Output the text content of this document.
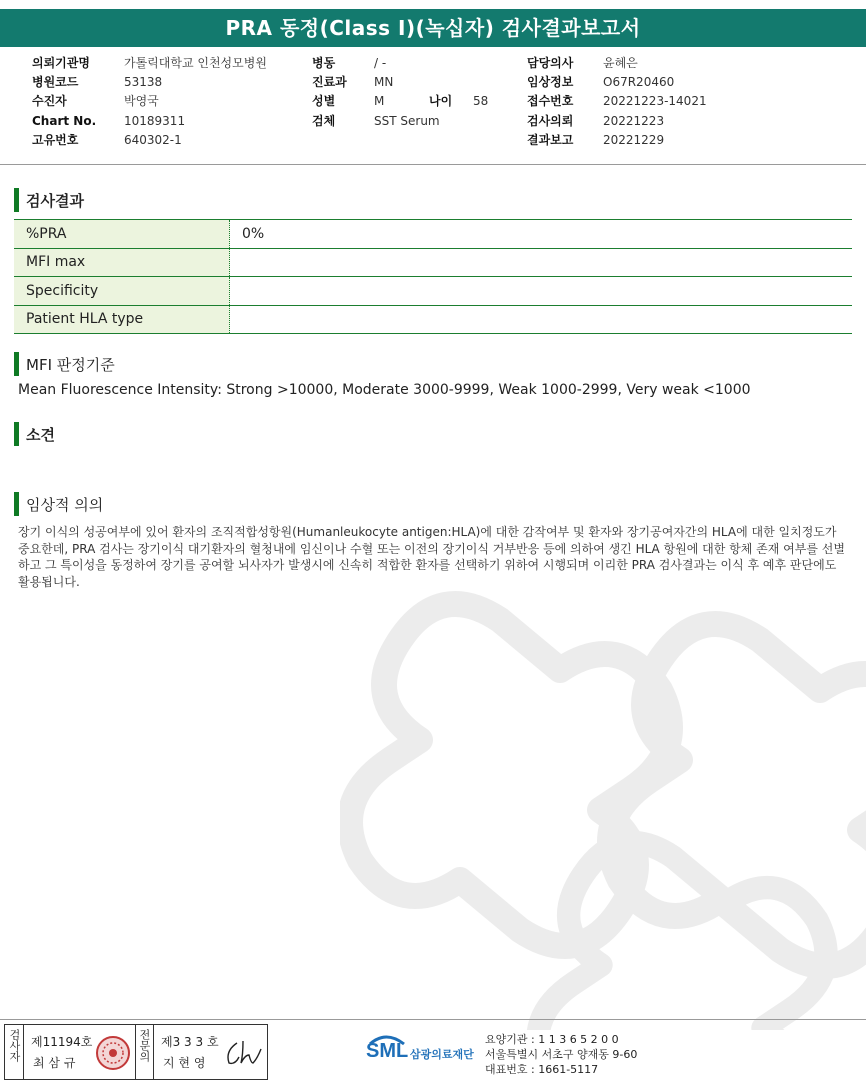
PRA 동정(Class I)(녹십자) 검사결과보고서
의뢰기관명	가톨릭대학교 인천성모병원
병원코드	53138
수진자	박영국
Chart No. 10189311
고유번호	640302-1
병동	/ -
진료과 MN
성별	M	나이 58
검체	SST Serum
담당의사 윤혜은
임상정보 O67R20460
접수번호 20221223-14021
검사의뢰 20221223
결과보고 20221229
검사결과
%PRA	0%
MFI max	
Specificity	
Patient HLA type	
MFI 판정기준
Mean Fluorescence Intensity: Strong >10000, Moderate 3000-9999, Weak 1000-2999, Very weak <1000
소견
임상적 의의
장기 이식의 성공여부에 있어 환자의 조직적합성항원(Humanleukocyte antigen:HLA)에 대한 감작여부 및 환자와 장기공여자간의 HLA에 대한 일치정도가 중요한데, PRA 검사는 장기이식 대기환자의 혈청내에 임신이나 수혈 또는 이전의 장기이식 거부반응 등에 의하여 생긴 HLA 항원에 대한 항체 존재 여부를 선별하고 그 특이성을 동정하여 장기를 공여할 뇌사자가 발생시에 신속히 적합한 환자를 선택하기 위하여 시행되며 이리한 PRA 검사결과는 이식 후 예후 판단에도 활용됩니다.
검사자 제11194호
최 삼 규
전문의 제3 3 3 호
지 현 영
SML 삼광의료재단
요양기관 : 1 1 3 6 5 2 0 0
서울특별시 서초구 양재동 9-60
대표번호 : 1661-5117
